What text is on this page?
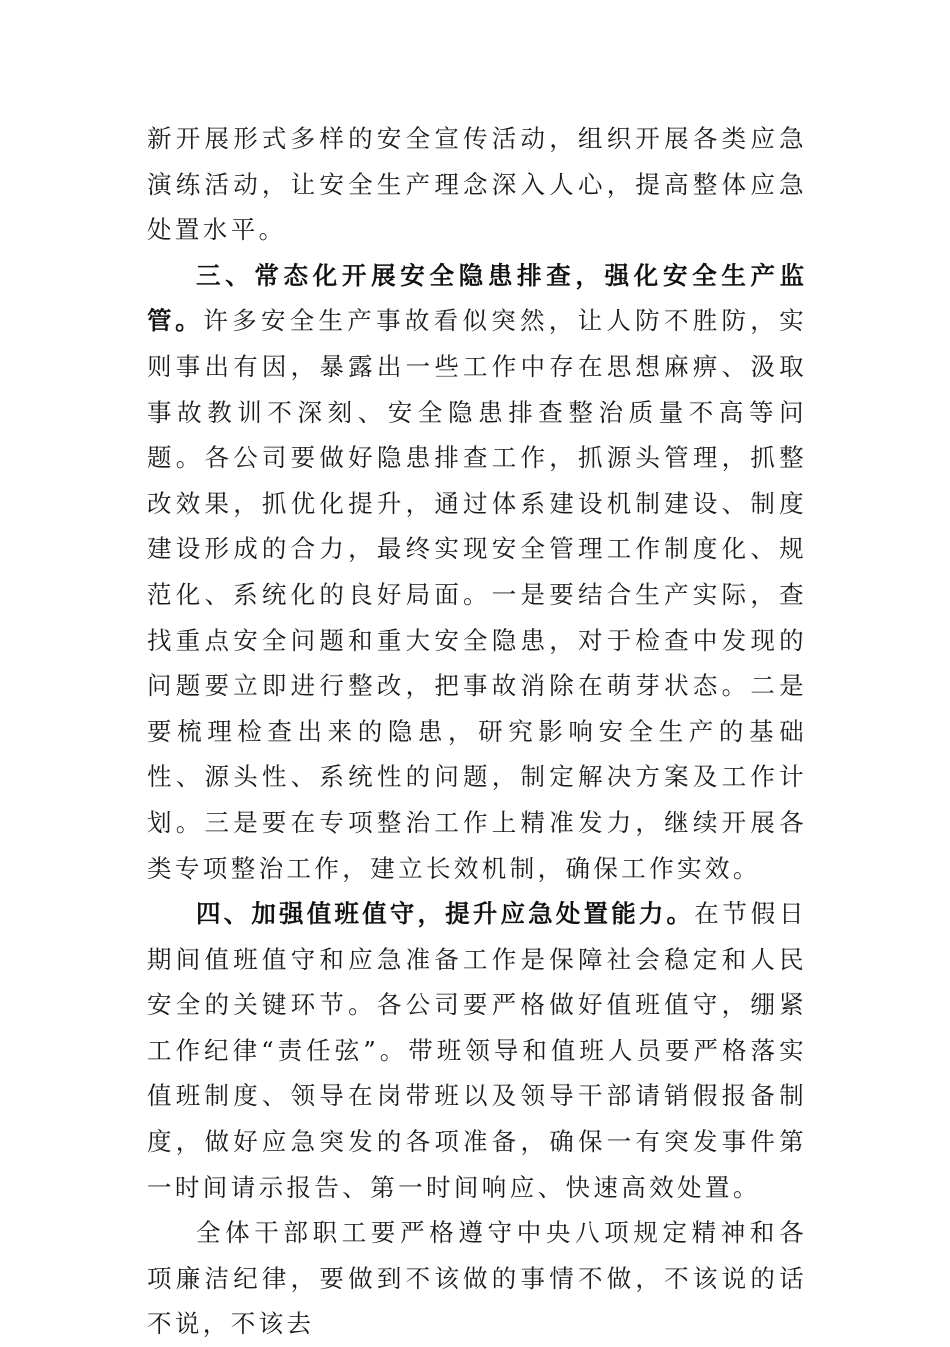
新开展形式多样的安全宣传活动，组织开展各类应急演练活动，让安全生产理念深入人心，提高整体应急处置水平。

三、常态化开展安全隐患排查，强化安全生产监管。许多安全生产事故看似突然，让人防不胜防，实则事出有因，暴露出一些工作中存在思想麻痹、汲取事故教训不深刻、安全隐患排查整治质量不高等问题。各公司要做好隐患排查工作，抓源头管理，抓整改效果，抓优化提升，通过体系建设机制建设、制度建设形成的合力，最终实现安全管理工作制度化、规范化、系统化的良好局面。一是要结合生产实际，查找重点安全问题和重大安全隐患，对于检查中发现的问题要立即进行整改，把事故消除在萌芽状态。二是要梳理检查出来的隐患，研究影响安全生产的基础性、源头性、系统性的问题，制定解决方案及工作计划。三是要在专项整治工作上精准发力，继续开展各类专项整治工作，建立长效机制，确保工作实效。

四、加强值班值守，提升应急处置能力。在节假日期间值班值守和应急准备工作是保障社会稳定和人民安全的关键环节。各公司要严格做好值班值守，绷紧工作纪律“责任弦”。带班领导和值班人员要严格落实值班制度、领导在岗带班以及领导干部请销假报备制度，做好应急突发的各项准备，确保一有突发事件第一时间请示报告、第一时间响应、快速高效处置。

全体干部职工要严格遵守中央八项规定精神和各项廉洁纪律，要做到不该做的事情不做，不该说的话不说，不该去
